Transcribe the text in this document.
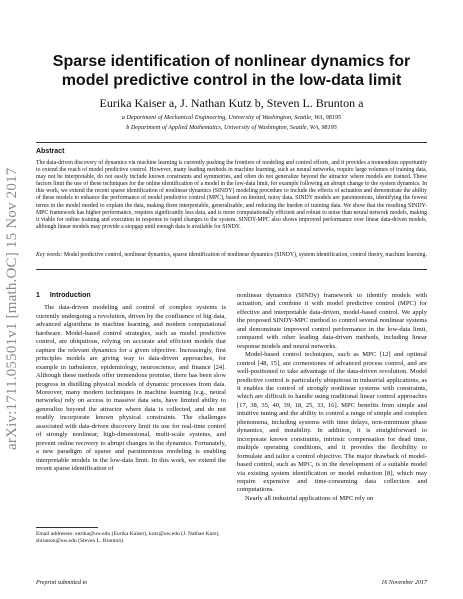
arXiv:1711.05501v1 [math.OC] 15 Nov 2017
Sparse identification of nonlinear dynamics for model predictive control in the low-data limit
Eurika Kaiser a, J. Nathan Kutz b, Steven L. Brunton a
a Department of Mechanical Engineering, University of Washington, Seattle, WA, 98195
b Department of Applied Mathematics, University of Washington, Seattle, WA, 98195
Abstract
The data-driven discovery of dynamics via machine learning is currently pushing the frontiers of modeling and control efforts, and it provides a tremendous opportunity to extend the reach of model predictive control. However, many leading methods in machine learning, such as neural networks, require large volumes of training data, may not be interpretable, do not easily include known constraints and symmetries, and often do not generalize beyond the attractor where models are trained. These factors limit the use of these techniques for the online identification of a model in the low-data limit, for example following an abrupt change to the system dynamics. In this work, we extend the recent sparse identification of nonlinear dynamics (SINDY) modeling procedure to include the effects of actuation and demonstrate the ability of these models to enhance the performance of model predictive control (MPC), based on limited, noisy data. SINDY models are parsimonious, identifying the fewest terms in the model needed to explain the data, making them interpretable, generalizable, and reducing the burden of training data. We show that the resulting SINDY-MPC framework has higher performance, requires significantly less data, and is more computationally efficient and robust to noise than neural network models, making it viable for online training and execution in response to rapid changes to the system. SINDY-MPC also shows improved performance over linear data-driven models, although linear models may provide a stopgap until enough data is available for SINDY.
Key words: Model predictive control, nonlinear dynamics, sparse identification of nonlinear dynamics (SINDY), system identification, control theory, machine learning.
1 Introduction

The data-driven modeling and control of complex systems is currently undergoing a revolution, driven by the confluence of big data, advanced algorithms in machine learning, and modern computational hardware. Model-based control strategies, such as model predictive control, are ubiquitous, relying on accurate and efficient models that capture the relevant dynamics for a given objective. Increasingly, first principles models are giving way to data-driven approaches, for example in turbulence, epidemiology, neuroscience, and finance [24]. Although these methods offer tremendous promise, there has been slow progress in distilling physical models of dynamic processes from data. Moreover, many modern techniques in machine learning (e.g., neural networks) rely on access to massive data sets, have limited ability to generalize beyond the attractor where data is collected, and do not readily incorporate known physical constraints. The challenges associated with data-driven discovery limit its use for real-time control of strongly nonlinear, high-dimensional, multi-scale systems, and prevent online recovery to abrupt changes in the dynamics. Fortunately, a new paradigm of sparse and parsimonious modeling is enabling interpretable models in the low-data limit. In this work, we extend the recent sparse identification of

nonlinear dynamics (SINDy) framework to identify models with actuation, and combine it with model predictive control (MPC) for effective and interpretable data-driven, model-based control. We apply the proposed SINDY-MPC method to control several nonlinear systems and demonstrate improved control performance in the low-data limit, compared with other leading data-driven methods, including linear response models and neural networks.

Model-based control techniques, such as MPC [12] and optimal control [48, 15], are cornerstones of advanced process control, and are well-positioned to take advantage of the data-driven revolution. Model predictive control is particularly ubiquitous in industrial applications, as it enables the control of strongly nonlinear systems with constraints, which are difficult to handle using traditional linear control approaches [17, 38, 35, 40, 39, 18, 25, 33, 16]. MPC benefits from simple and intuitive tuning and the ability to control a range of simple and complex phenomena, including systems with time delays, non-minimum phase dynamics, and instability. In addition, it is straightforward to incorporate known constraints, intrinsic compensation for dead time, multiple operating conditions, and it provides the flexibility to formulate and tailor a control objective. The major drawback of model-based control, such as MPC, is in the development of a suitable model via existing system identification or model reduction [8], which may require expensive and time-consuming data collection and computations.

Nearly all industrial applications of MPC rely on

Email addresses: eurika@uw.edu (Eurika Kaiser), kutz@uw.edu (J. Nathan Kutz), sbrunton@uw.edu (Steven L. Brunton).
Preprint submitted to	16 November 2017
